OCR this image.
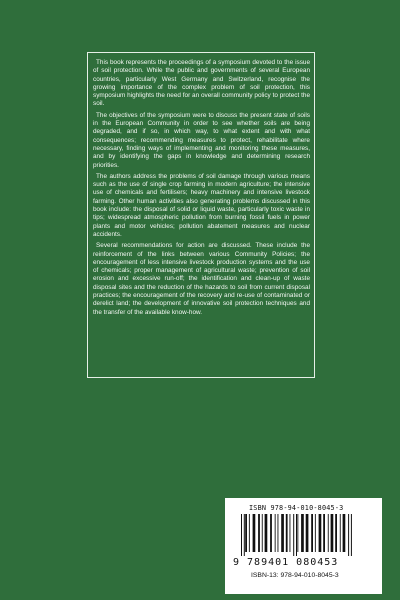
This book represents the proceedings of a symposium devoted to the issue of soil protection. While the public and governments of several European countries, particularly West Germany and Switzerland, recognise the growing importance of the complex problem of soil protection, this symposium highlights the need for an overall community policy to protect the soil.

The objectives of the symposium were to discuss the present state of soils in the European Community in order to see whether soils are being degraded, and if so, in which way, to what extent and with what consequences; recommending measures to protect, rehabilitate where necessary, finding ways of implementing and monitoring these measures, and by identifying the gaps in knowledge and determining research priorities.

The authors address the problems of soil damage through various means such as the use of single crop farming in modern agriculture; the intensive use of chemicals and fertilisers; heavy machinery and intensive livestock farming. Other human activities also generating problems discussed in this book include: the disposal of solid or liquid waste, particularly toxic waste in tips; widespread atmospheric pollution from burning fossil fuels in power plants and motor vehicles; pollution abatement measures and nuclear accidents.

Several recommendations for action are discussed. These include the reinforcement of the links between various Community Policies; the encouragement of less intensive livestock production systems and the use of chemicals; proper management of agricultural waste; prevention of soil erosion and excessive run-off; the identification and clean-up of waste disposal sites and the reduction of the hazards to soil from current disposal practices; the encouragement of the recovery and re-use of contaminated or derelict land; the development of innovative soil protection techniques and the transfer of the available know-how.

ISBN 978-94-010-8045-3
9 789401 080453
ISBN-13: 978-94-010-8045-3
